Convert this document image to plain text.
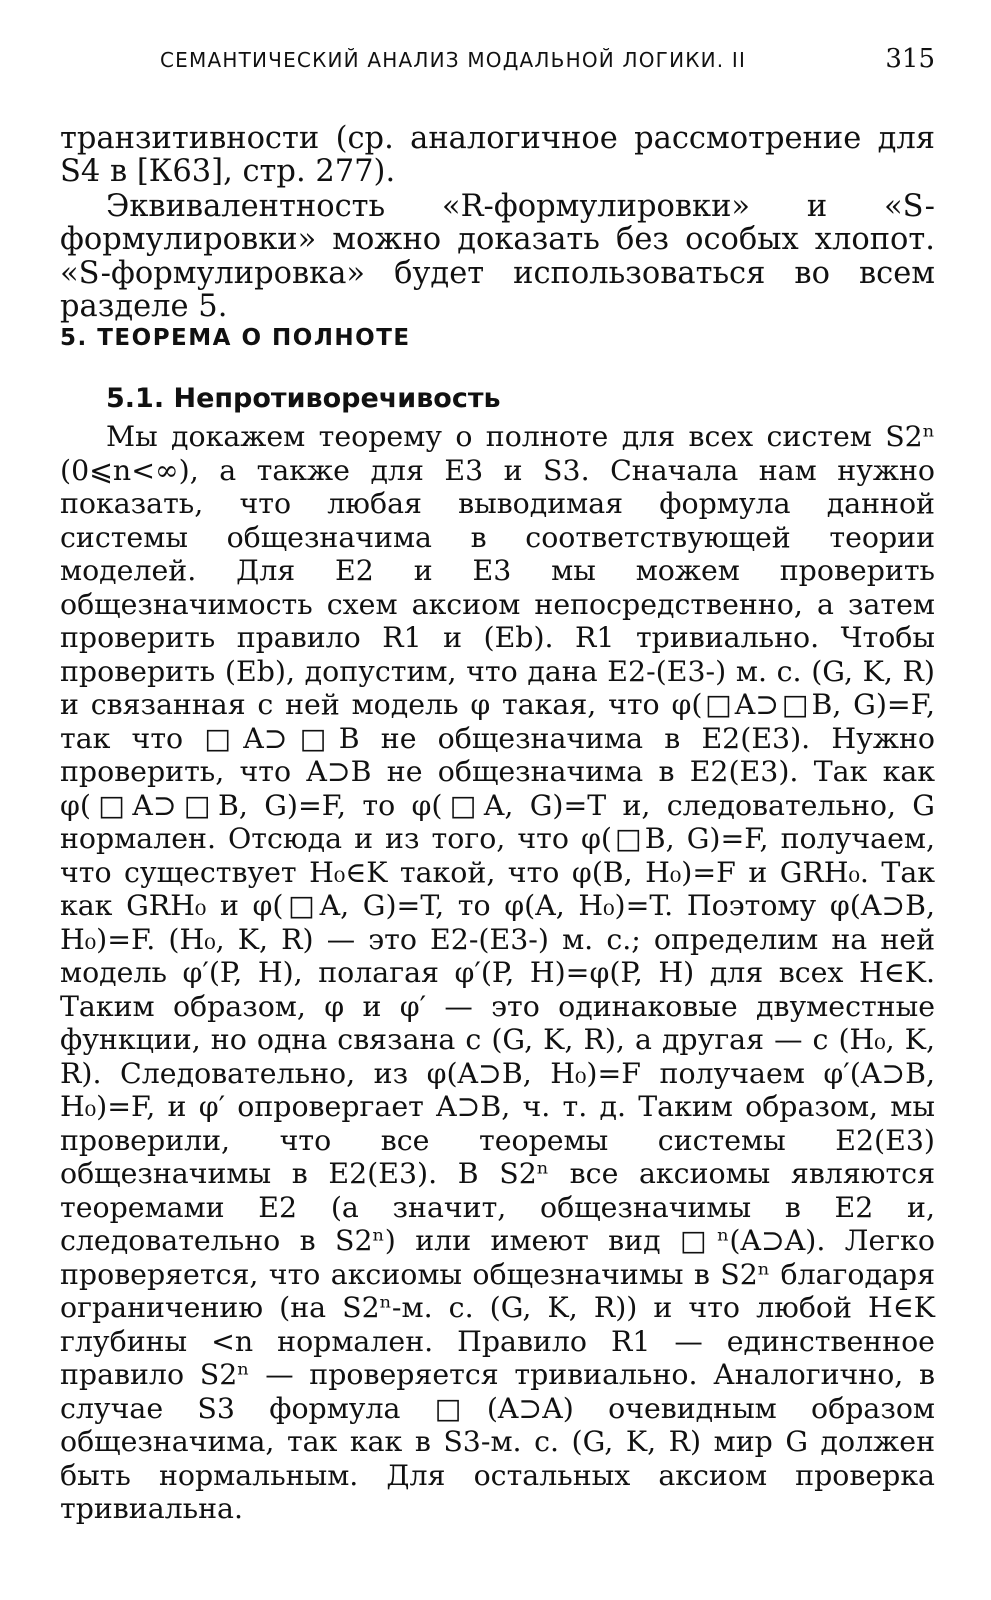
СЕМАНТИЧЕСКИЙ АНАЛИЗ МОДАЛЬНОЙ ЛОГИКИ. II	315

транзитивности (ср. аналогичное рассмотрение для S4 в [К63], стр. 277).

Эквивалентность «R-формулировки» и «S-формулировки» можно доказать без особых хлопот. «S-формулировка» будет использоваться во всем разделе 5.

5. ТЕОРЕМА О ПОЛНОТЕ
5.1. Непротиворечивость

Мы докажем теорему о полноте для всех систем S2ⁿ (0⩽n<∞), а также для E3 и S3. Сначала нам нужно показать, что любая выводимая формула данной системы общезначима в соответствующей теории моделей. Для E2 и E3 мы можем проверить общезначимость схем аксиом непосредственно, а затем проверить правило R1 и (Eb). R1 тривиально. Чтобы проверить (Eb), допустим, что дана E2-(E3-) м. с. (G, K, R) и связанная с ней модель φ такая, что φ(□A⊃□B, G)=F, так что □A⊃□B не общезначима в E2(E3). Нужно проверить, что A⊃B не общезначима в E2(E3). Так как φ(□A⊃□B, G)=F, то φ(□A, G)=T и, следовательно, G нормален. Отсюда и из того, что φ(□B, G)=F, получаем, что существует H₀∈K такой, что φ(B, H₀)=F и GRH₀. Так как GRH₀ и φ(□A, G)=T, то φ(A, H₀)=T. Поэтому φ(A⊃B, H₀)=F. (H₀, K, R) — это E2-(E3-) м. с.; определим на ней модель φ′(P, H), полагая φ′(P, H)=φ(P, H) для всех H∈K. Таким образом, φ и φ′ — это одинаковые двуместные функции, но одна связана с (G, K, R), а другая — с (H₀, K, R). Следовательно, из φ(A⊃B, H₀)=F получаем φ′(A⊃B, H₀)=F, и φ′ опровергает A⊃B, ч. т. д. Таким образом, мы проверили, что все теоремы системы E2(E3) общезначимы в E2(E3). В S2ⁿ все аксиомы являются теоремами E2 (а значит, общезначимы в E2 и, следовательно в S2ⁿ) или имеют вид □ⁿ(A⊃A). Легко проверяется, что аксиомы общезначимы в S2ⁿ благодаря ограничению (на S2ⁿ-м. с. (G, K, R)) и что любой H∈K глубины <n нормален. Правило R1 — единственное правило S2ⁿ — проверяется тривиально. Аналогично, в случае S3 формула □(A⊃A) очевидным образом общезначима, так как в S3-м. с. (G, K, R) мир G должен быть нормальным. Для остальных аксиом проверка тривиальна.
